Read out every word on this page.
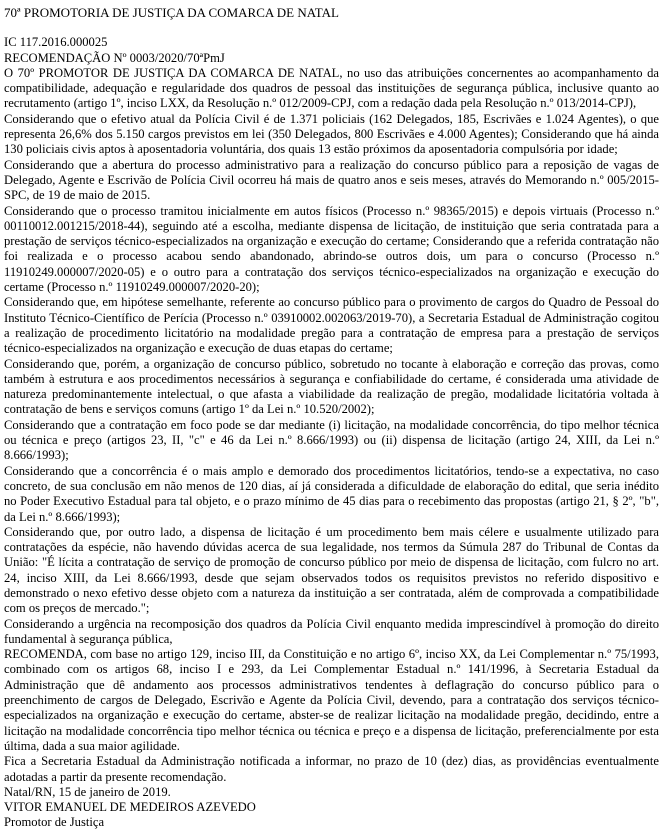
70ª PROMOTORIA DE JUSTIÇA DA COMARCA DE NATAL
IC 117.2016.000025
RECOMENDAÇÃO Nº 0003/2020/70ªPmJ

O 70º PROMOTOR DE JUSTIÇA DA COMARCA DE NATAL, no uso das atribuições concernentes ao acompanhamento da compatibilidade, adequação e regularidade dos quadros de pessoal das instituições de segurança pública, inclusive quanto ao recrutamento (artigo 1º, inciso LXX, da Resolução n.º 012/2009-CPJ, com a redação dada pela Resolução n.º 013/2014-CPJ),

Considerando que o efetivo atual da Polícia Civil é de 1.371 policiais (162 Delegados, 185, Escrivães e 1.024 Agentes), o que representa 26,6% dos 5.150 cargos previstos em lei (350 Delegados, 800 Escrivães e 4.000 Agentes); Considerando que há ainda 130 policiais civis aptos à aposentadoria voluntária, dos quais 13 estão próximos da aposentadoria compulsória por idade;

Considerando que a abertura do processo administrativo para a realização do concurso público para a reposição de vagas de Delegado, Agente e Escrivão de Polícia Civil ocorreu há mais de quatro anos e seis meses, através do Memorando n.º 005/2015-SPC, de 19 de maio de 2015.

Considerando que o processo tramitou inicialmente em autos físicos (Processo n.º 98365/2015) e depois virtuais (Processo n.º 00110012.001215/2018-44), seguindo até a escolha, mediante dispensa de licitação, de instituição que seria contratada para a prestação de serviços técnico-especializados na organização e execução do certame; Considerando que a referida contratação não foi realizada e o processo acabou sendo abandonado, abrindo-se outros dois, um para o concurso (Processo n.º 11910249.000007/2020-05) e o outro para a contratação dos serviços técnico-especializados na organização e execução do certame (Processo n.º 11910249.000007/2020-20);

Considerando que, em hipótese semelhante, referente ao concurso público para o provimento de cargos do Quadro de Pessoal do Instituto Técnico-Científico de Perícia (Processo n.º 03910002.002063/2019-70), a Secretaria Estadual de Administração cogitou a realização de procedimento licitatório na modalidade pregão para a contratação de empresa para a prestação de serviços técnico-especializados na organização e execução de duas etapas do certame;

Considerando que, porém, a organização de concurso público, sobretudo no tocante à elaboração e correção das provas, como também à estrutura e aos procedimentos necessários à segurança e confiabilidade do certame, é considerada uma atividade de natureza predominantemente intelectual, o que afasta a viabilidade da realização de pregão, modalidade licitatória voltada à contratação de bens e serviços comuns (artigo 1º da Lei n.º 10.520/2002);

Considerando que a contratação em foco pode se dar mediante (i) licitação, na modalidade concorrência, do tipo melhor técnica ou técnica e preço (artigos 23, II, "c" e 46 da Lei n.º 8.666/1993) ou (ii) dispensa de licitação (artigo 24, XIII, da Lei n.º 8.666/1993);

Considerando que a concorrência é o mais amplo e demorado dos procedimentos licitatórios, tendo-se a expectativa, no caso concreto, de sua conclusão em não menos de 120 dias, aí já considerada a dificuldade de elaboração do edital, que seria inédito no Poder Executivo Estadual para tal objeto, e o prazo mínimo de 45 dias para o recebimento das propostas (artigo 21, § 2º, "b", da Lei n.º 8.666/1993);

Considerando que, por outro lado, a dispensa de licitação é um procedimento bem mais célere e usualmente utilizado para contratações da espécie, não havendo dúvidas acerca de sua legalidade, nos termos da Súmula 287 do Tribunal de Contas da União: "É lícita a contratação de serviço de promoção de concurso público por meio de dispensa de licitação, com fulcro no art. 24, inciso XIII, da Lei 8.666/1993, desde que sejam observados todos os requisitos previstos no referido dispositivo e demonstrado o nexo efetivo desse objeto com a natureza da instituição a ser contratada, além de comprovada a compatibilidade com os preços de mercado.";

Considerando a urgência na recomposição dos quadros da Polícia Civil enquanto medida imprescindível à promoção do direito fundamental à segurança pública,

RECOMENDA, com base no artigo 129, inciso III, da Constituição e no artigo 6º, inciso XX, da Lei Complementar n.º 75/1993, combinado com os artigos 68, inciso I e 293, da Lei Complementar Estadual n.º 141/1996, à Secretaria Estadual da Administração que dê andamento aos processos administrativos tendentes à deflagração do concurso público para o preenchimento de cargos de Delegado, Escrivão e Agente da Polícia Civil, devendo, para a contratação dos serviços técnico-especializados na organização e execução do certame, abster-se de realizar licitação na modalidade pregão, decidindo, entre a licitação na modalidade concorrência tipo melhor técnica ou técnica e preço e a dispensa de licitação, preferencialmente por esta última, dada a sua maior agilidade.

Fica a Secretaria Estadual da Administração notificada a informar, no prazo de 10 (dez) dias, as providências eventualmente adotadas a partir da presente recomendação.

Natal/RN, 15 de janeiro de 2019.
VITOR EMANUEL DE MEDEIROS AZEVEDO
Promotor de Justiça
